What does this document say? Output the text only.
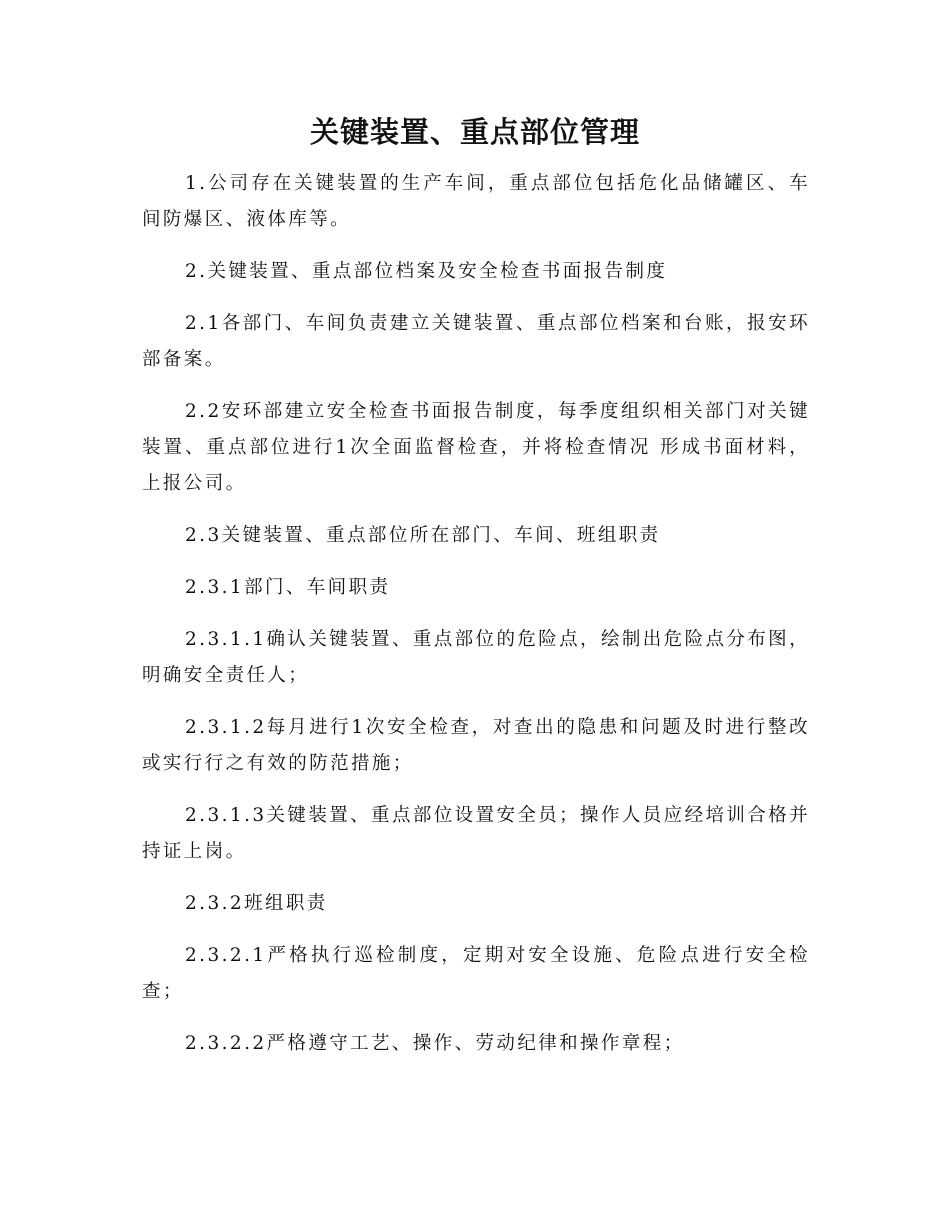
关键装置、重点部位管理

1.公司存在关键装置的生产车间，重点部位包括危化品储罐区、车间防爆区、液体库等。

2.关键装置、重点部位档案及安全检查书面报告制度

2.1各部门、车间负责建立关键装置、重点部位档案和台账，报安环部备案。

2.2安环部建立安全检查书面报告制度，每季度组织相关部门对关键装置、重点部位进行1次全面监督检查，并将检查情况 形成书面材料，上报公司。

2.3关键装置、重点部位所在部门、车间、班组职责

2.3.1部门、车间职责

2.3.1.1确认关键装置、重点部位的危险点，绘制出危险点分布图，明确安全责任人；

2.3.1.2每月进行1次安全检查，对查出的隐患和问题及时进行整改或实行行之有效的防范措施；

2.3.1.3关键装置、重点部位设置安全员；操作人员应经培训合格并持证上岗。

2.3.2班组职责

2.3.2.1严格执行巡检制度，定期对安全设施、危险点进行安全检查；

2.3.2.2严格遵守工艺、操作、劳动纪律和操作章程；
